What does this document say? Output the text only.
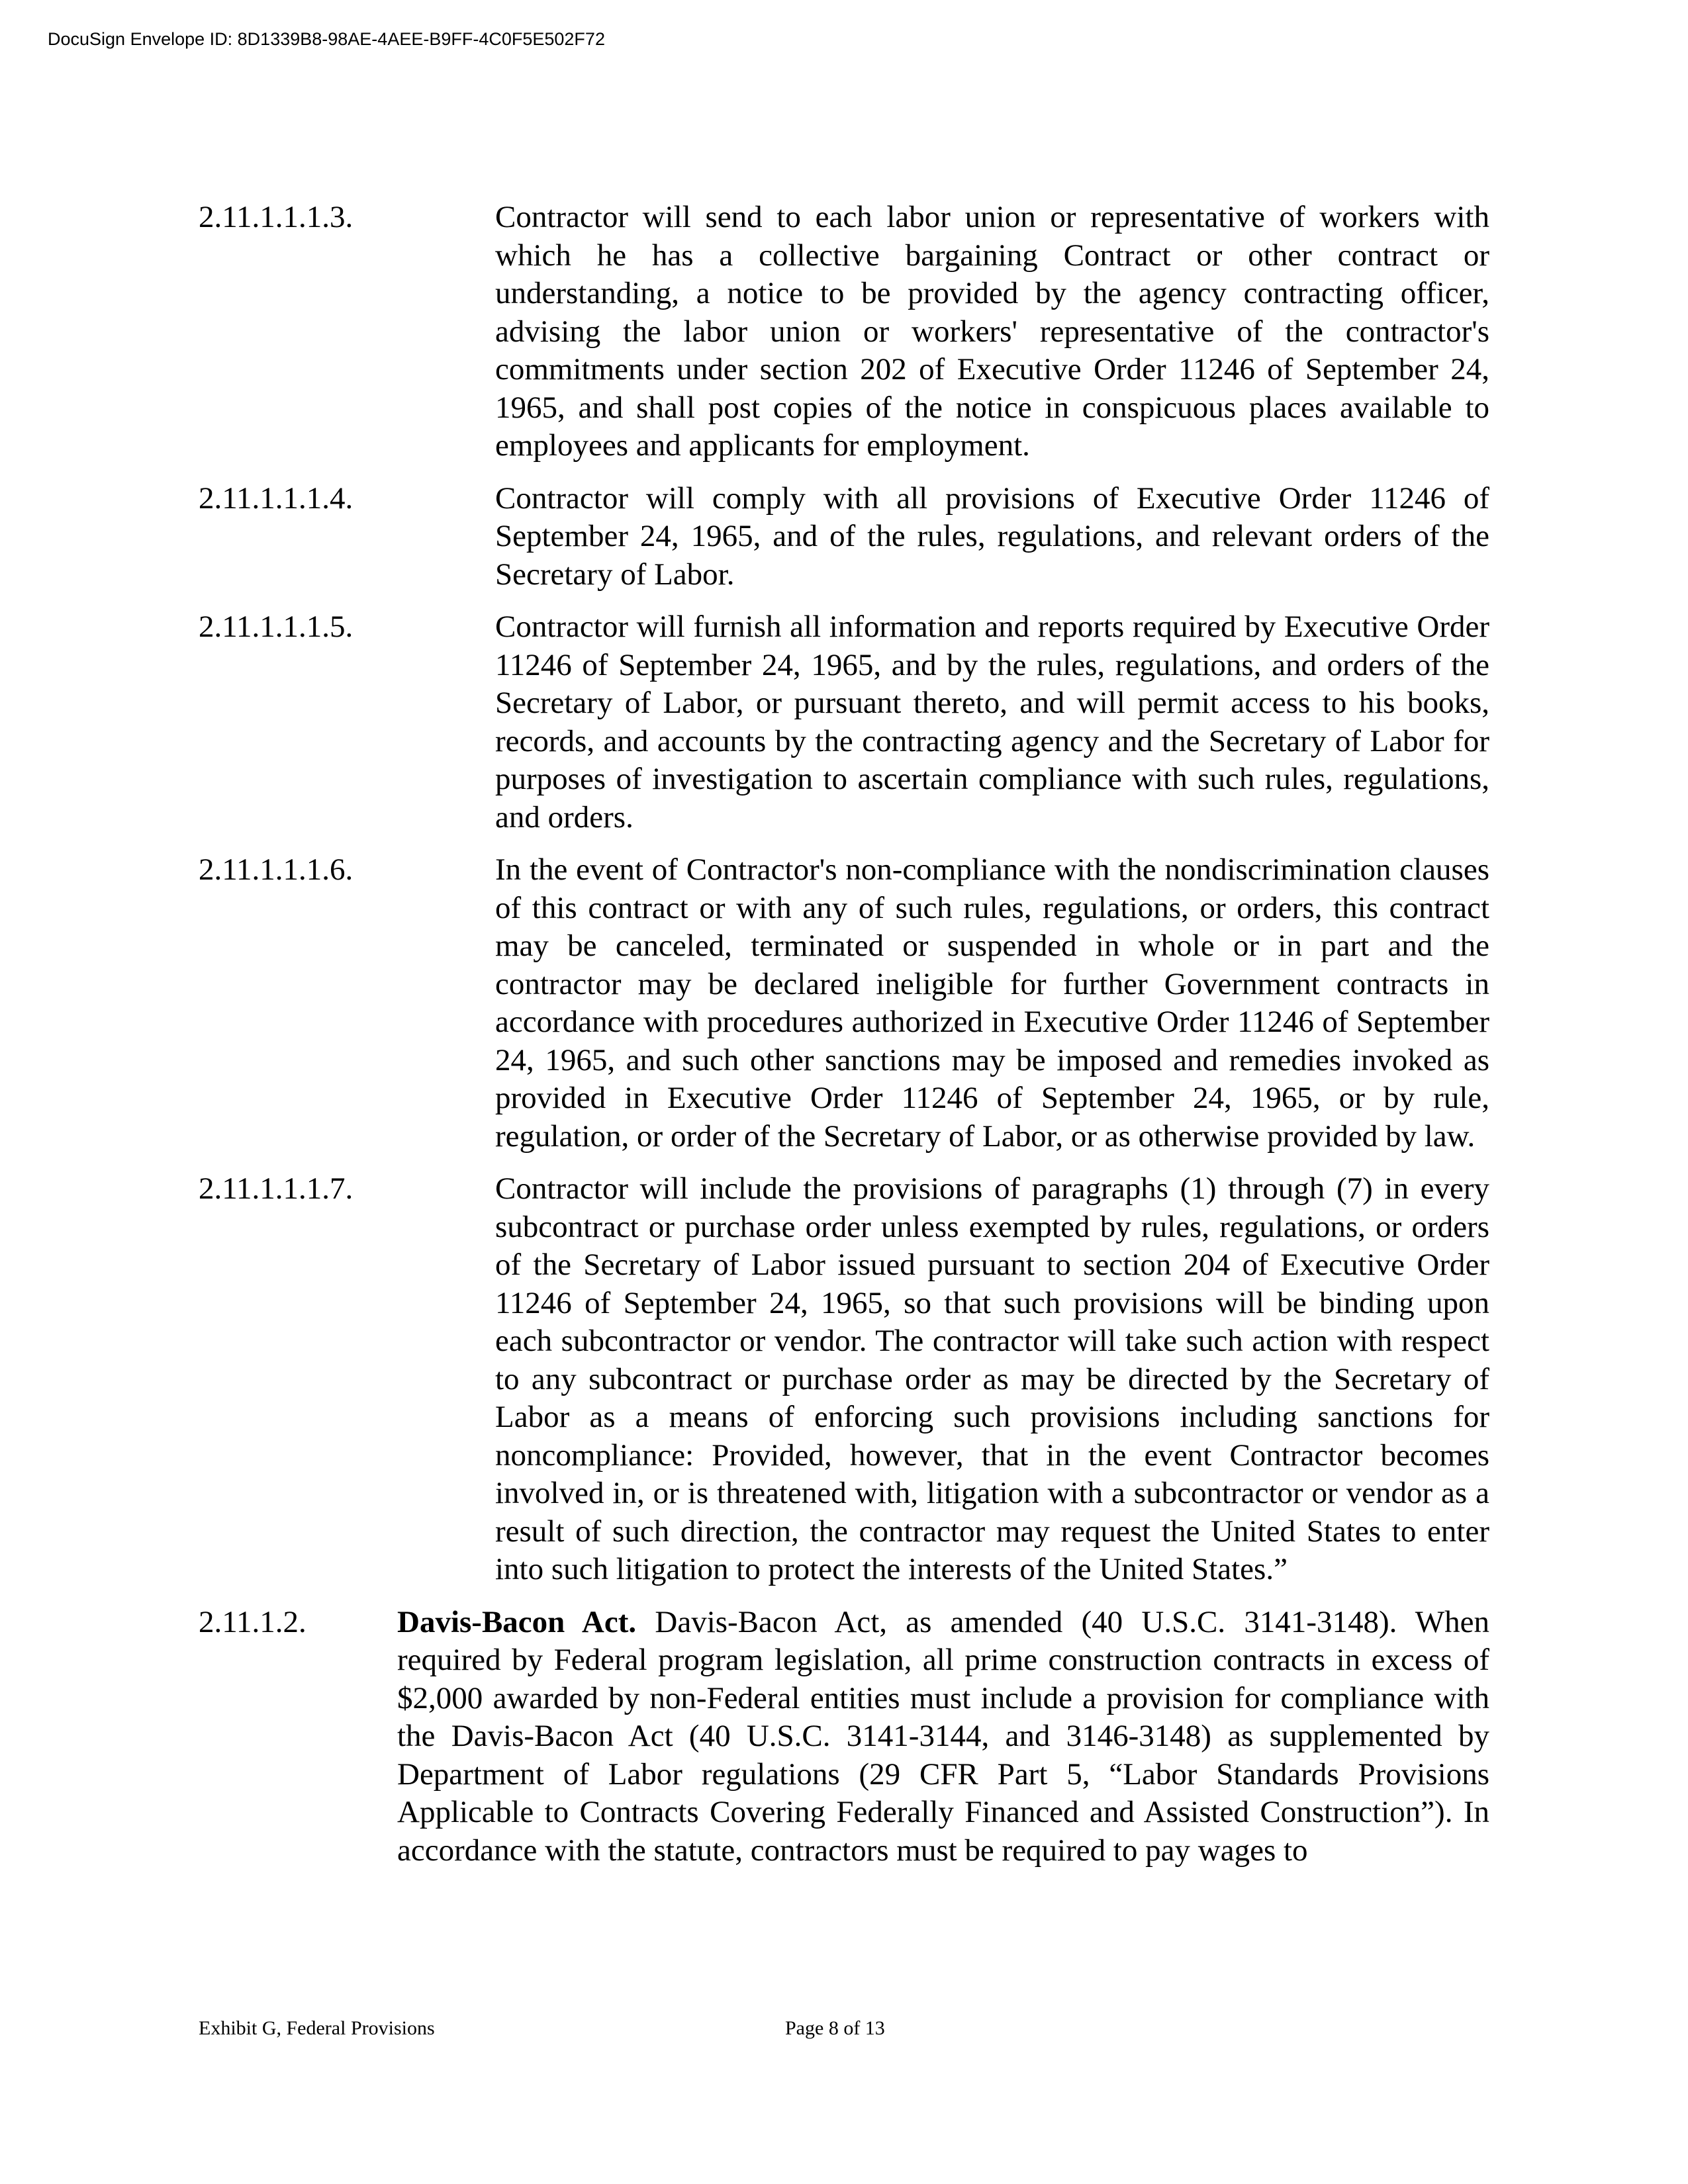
DocuSign Envelope ID: 8D1339B8-98AE-4AEE-B9FF-4C0F5E502F72
2.11.1.1.1.3.	Contractor will send to each labor union or representative of workers with which he has a collective bargaining Contract or other contract or understanding, a notice to be provided by the agency contracting officer, advising the labor union or workers' representative of the contractor's commitments under section 202 of Executive Order 11246 of September 24, 1965, and shall post copies of the notice in conspicuous places available to employees and applicants for employment.
2.11.1.1.1.4.	Contractor will comply with all provisions of Executive Order 11246 of September 24, 1965, and of the rules, regulations, and relevant orders of the Secretary of Labor.
2.11.1.1.1.5.	Contractor will furnish all information and reports required by Executive Order 11246 of September 24, 1965, and by the rules, regulations, and orders of the Secretary of Labor, or pursuant thereto, and will permit access to his books, records, and accounts by the contracting agency and the Secretary of Labor for purposes of investigation to ascertain compliance with such rules, regulations, and orders.
2.11.1.1.1.6.	In the event of Contractor's non-compliance with the nondiscrimination clauses of this contract or with any of such rules, regulations, or orders, this contract may be canceled, terminated or suspended in whole or in part and the contractor may be declared ineligible for further Government contracts in accordance with procedures authorized in Executive Order 11246 of September 24, 1965, and such other sanctions may be imposed and remedies invoked as provided in Executive Order 11246 of September 24, 1965, or by rule, regulation, or order of the Secretary of Labor, or as otherwise provided by law.
2.11.1.1.1.7.	Contractor will include the provisions of paragraphs (1) through (7) in every subcontract or purchase order unless exempted by rules, regulations, or orders of the Secretary of Labor issued pursuant to section 204 of Executive Order 11246 of September 24, 1965, so that such provisions will be binding upon each subcontractor or vendor. The contractor will take such action with respect to any subcontract or purchase order as may be directed by the Secretary of Labor as a means of enforcing such provisions including sanctions for noncompliance: Provided, however, that in the event Contractor becomes involved in, or is threatened with, litigation with a subcontractor or vendor as a result of such direction, the contractor may request the United States to enter into such litigation to protect the interests of the United States.”
2.11.1.2.	Davis-Bacon Act. Davis-Bacon Act, as amended (40 U.S.C. 3141-3148). When required by Federal program legislation, all prime construction contracts in excess of $2,000 awarded by non-Federal entities must include a provision for compliance with the Davis-Bacon Act (40 U.S.C. 3141-3144, and 3146-3148) as supplemented by Department of Labor regulations (29 CFR Part 5, “Labor Standards Provisions Applicable to Contracts Covering Federally Financed and Assisted Construction”). In accordance with the statute, contractors must be required to pay wages to
Exhibit G, Federal Provisions	Page 8 of 13
